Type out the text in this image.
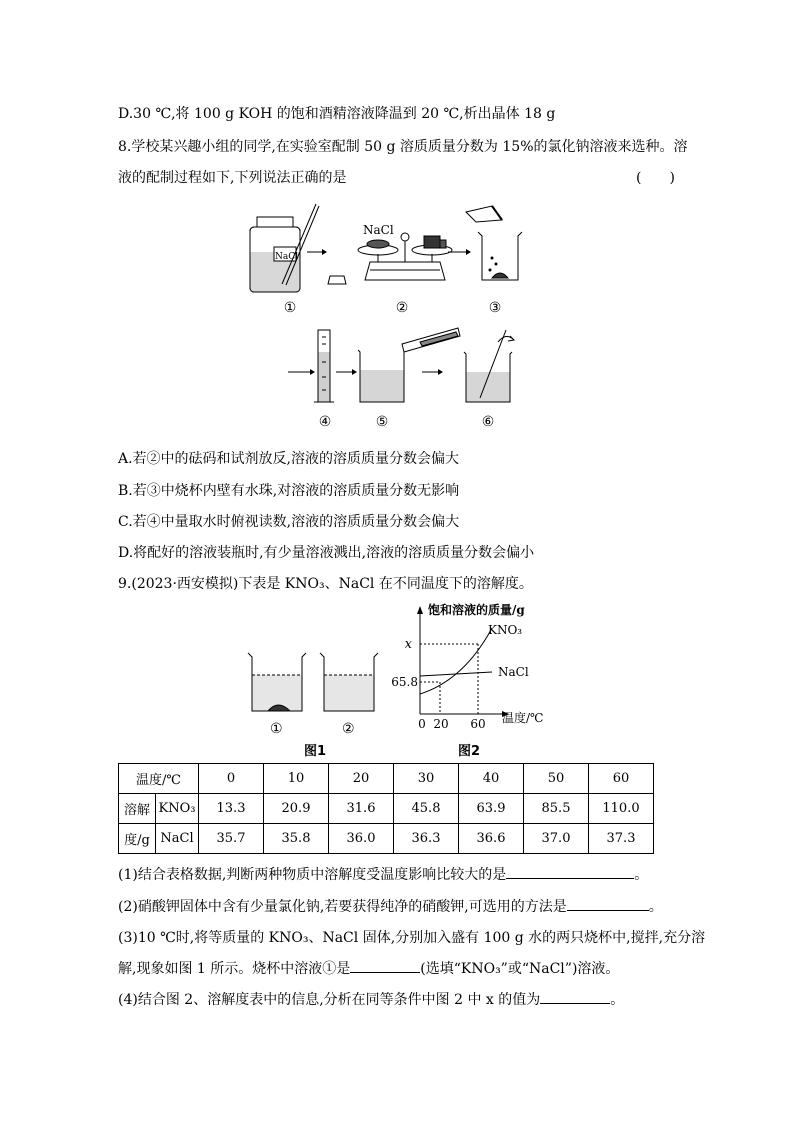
D.30 ℃,将 100 g KOH 的饱和酒精溶液降温到 20 ℃,析出晶体 18 g
8.学校某兴趣小组的同学,在实验室配制 50 g 溶质质量分数为 15%的氯化钠溶液来选种。溶
液的配制过程如下,下列说法正确的是	(　　)
NaCl
NaCl
①	②	③
④	⑤	⑥
A.若②中的砝码和试剂放反,溶液的溶质质量分数会偏大
B.若③中烧杯内壁有水珠,对溶液的溶质质量分数无影响
C.若④中量取水时俯视读数,溶液的溶质质量分数会偏大
D.将配好的溶液装瓶时,有少量溶液溅出,溶液的溶质质量分数会偏小
9.(2023·西安模拟)下表是 KNO₃、NaCl 在不同温度下的溶解度。
①	②
图1
饱和溶液的质量/g
温度/℃
x
65.8
0 20 60
KNO₃
NaCl
图2
温度/℃		0	10	20	30	40	50	60
溶解	KNO₃	13.3	20.9	31.6	45.8	63.9	85.5	110.0
度/g	NaCl	35.7	35.8	36.0	36.3	36.6	37.0	37.3
(1)结合表格数据,判断两种物质中溶解度受温度影响比较大的是	。
(2)硝酸钾固体中含有少量氯化钠,若要获得纯净的硝酸钾,可选用的方法是	。
(3)10 ℃时,将等质量的 KNO₃、NaCl 固体,分别加入盛有 100 g 水的两只烧杯中,搅拌,充分溶
解,现象如图 1 所示。烧杯中溶液①是	(选填“KNO₃”或“NaCl”)溶液。
(4)结合图 2、溶解度表中的信息,分析在同等条件中图 2 中 x 的值为	。
